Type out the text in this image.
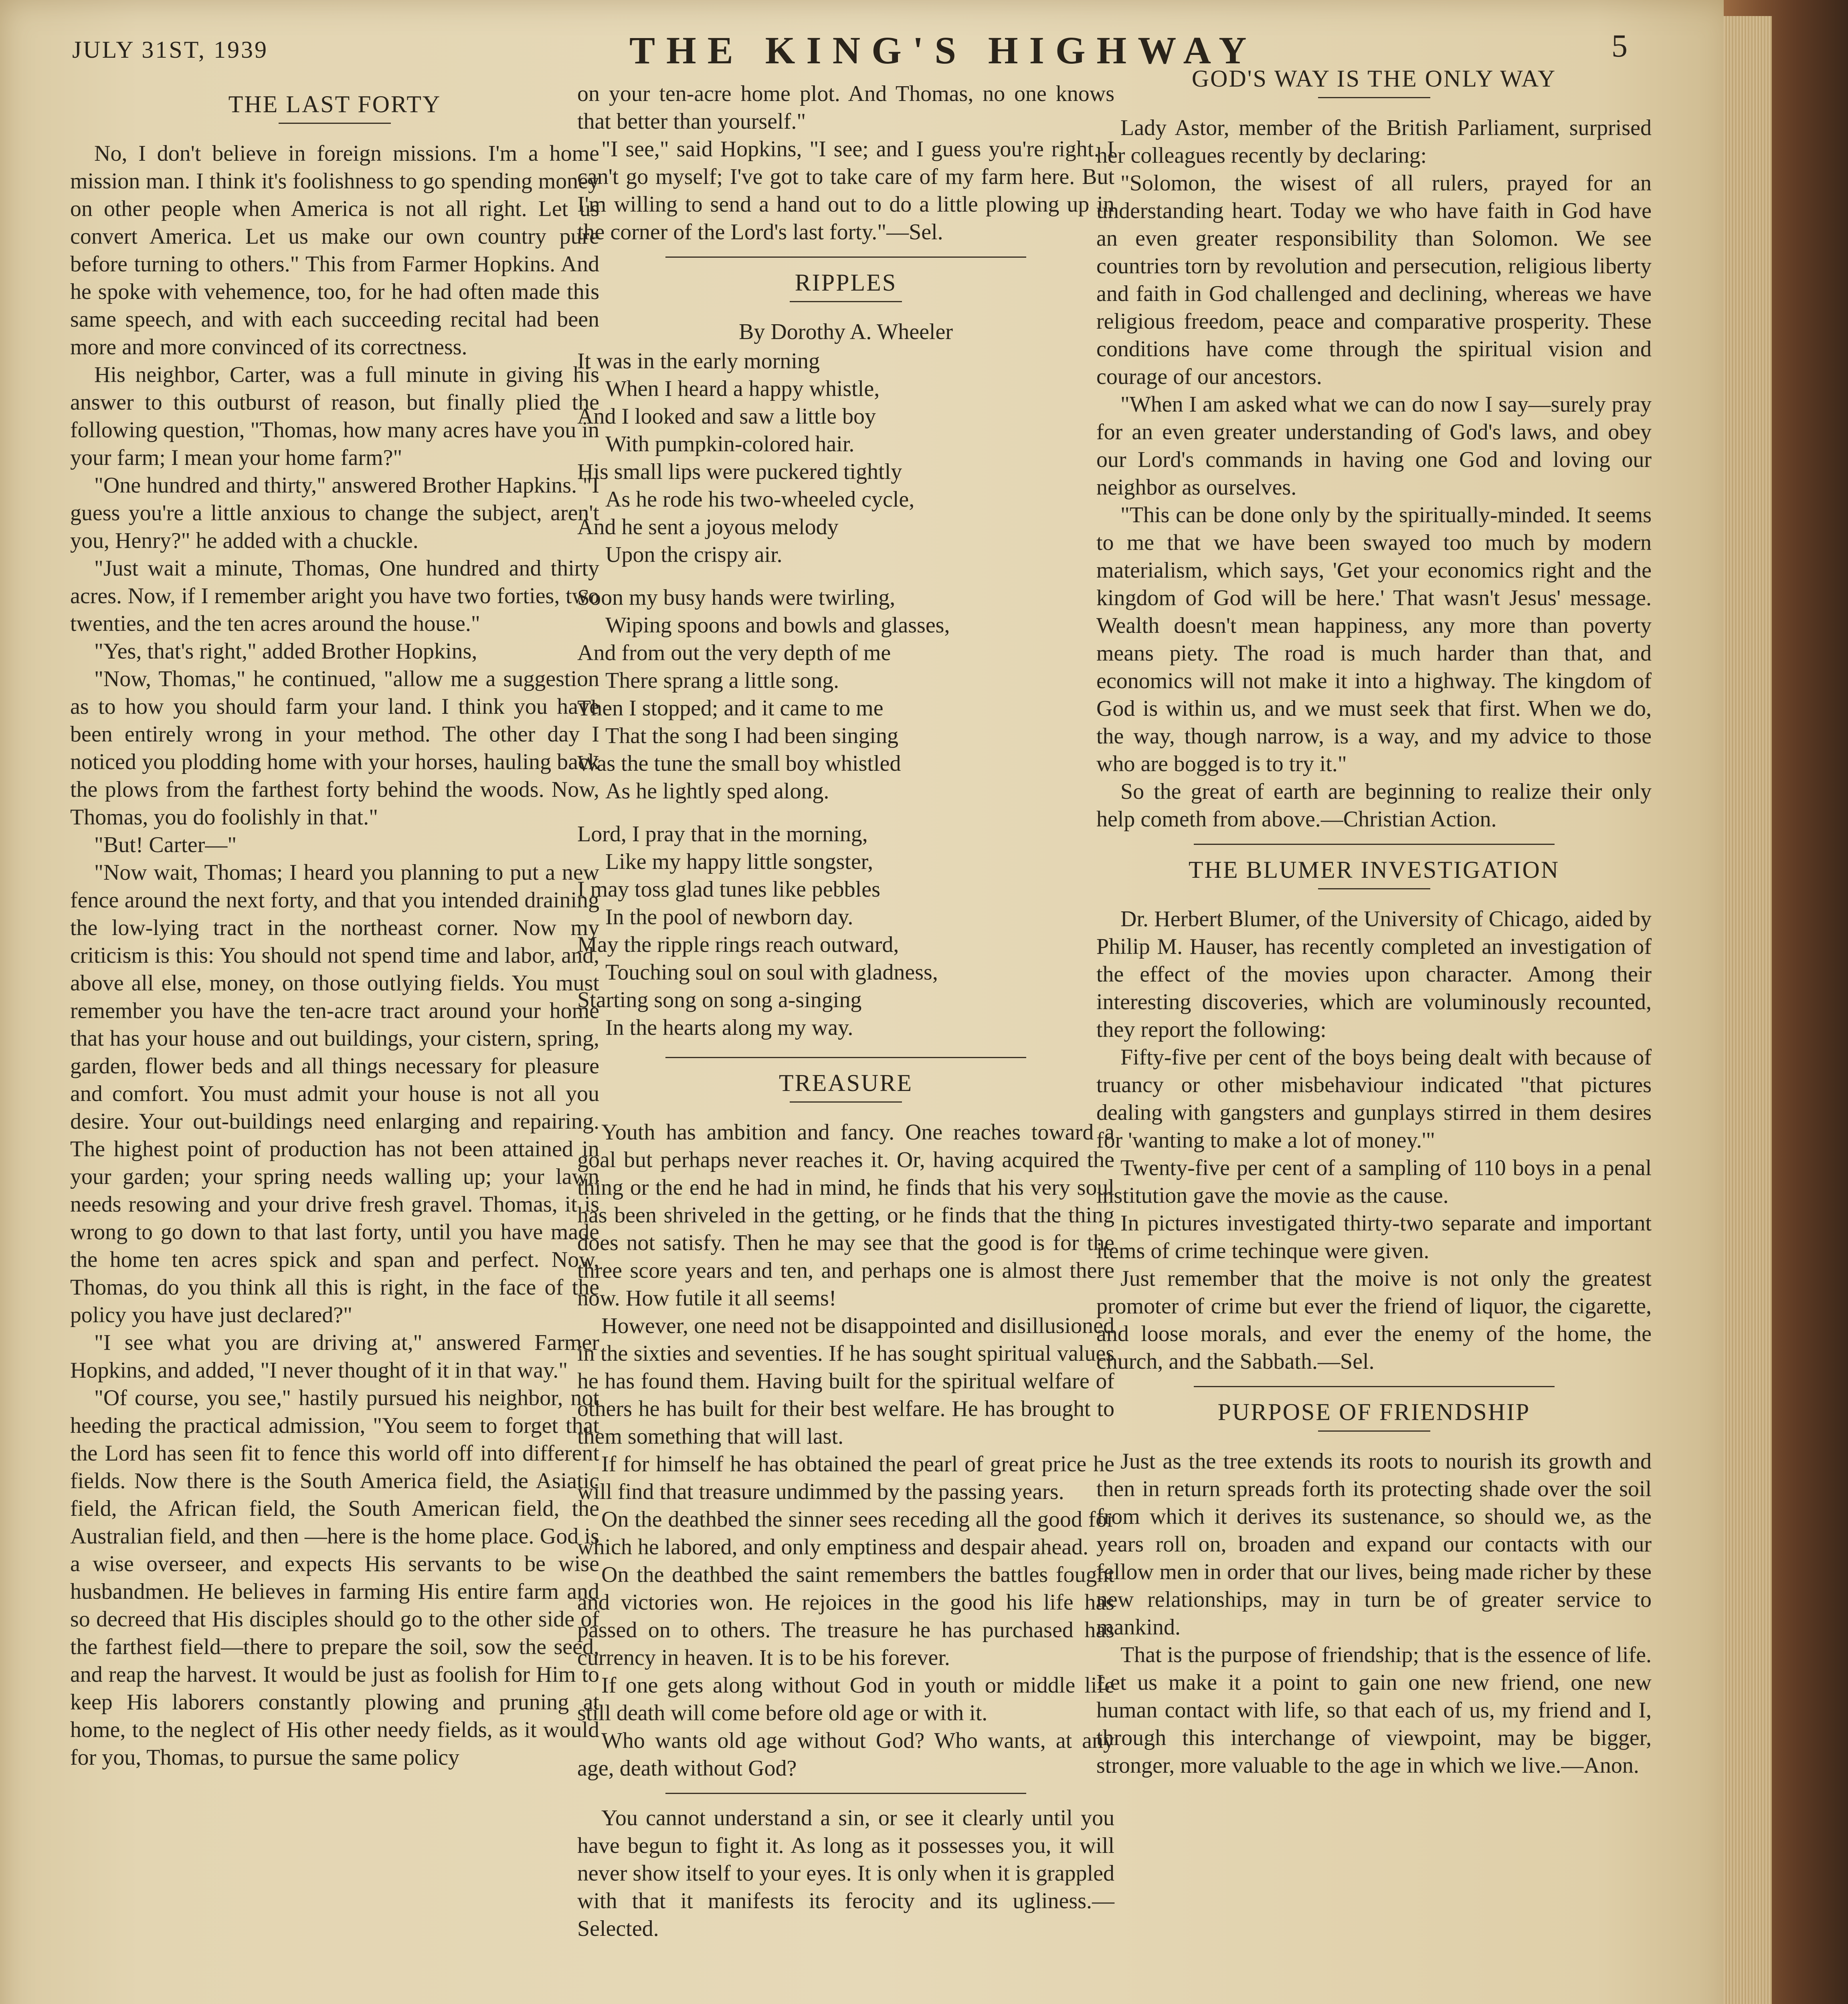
JULY 31ST, 1939	THE KING'S HIGHWAY	5
THE LAST FORTY

No, I don't believe in foreign missions. I'm a home mission man. I think it's foolishness to go spending money on other people when America is not all right. Let us convert America. Let us make our own country pure before turning to others." This from Farmer Hopkins. And he spoke with vehemence, too, for he had often made this same speech, and with each succeeding recital had been more and more convinced of its correctness.

His neighbor, Carter, was a full minute in giving his answer to this outburst of reason, but finally plied the following question, "Thomas, how many acres have you in your farm; I mean your home farm?"

"One hundred and thirty," answered Brother Hapkins. "I guess you're a little anxious to change the subject, aren't you, Henry?" he added with a chuckle.

"Just wait a minute, Thomas, One hundred and thirty acres. Now, if I remember aright you have two forties, two twenties, and the ten acres around the house."

"Yes, that's right," added Brother Hopkins,

"Now, Thomas," he continued, "allow me a suggestion as to how you should farm your land. I think you have been entirely wrong in your method. The other day I noticed you plodding home with your horses, hauling back the plows from the farthest forty behind the woods. Now, Thomas, you do foolishly in that."

"But! Carter—"

"Now wait, Thomas; I heard you planning to put a new fence around the next forty, and that you intended draining the low-lying tract in the northeast corner. Now my criticism is this: You should not spend time and labor, and, above all else, money, on those outlying fields. You must remember you have the ten-acre tract around your home that has your house and out buildings, your cistern, spring, garden, flower beds and all things necessary for pleasure and comfort. You must admit your house is not all you desire. Your out-buildings need enlarging and repairing. The highest point of production has not been attained in your garden; your spring needs walling up; your lawn needs resowing and your drive fresh gravel. Thomas, it is wrong to go down to that last forty, until you have made the home ten acres spick and span and perfect. Now, Thomas, do you think all this is right, in the face of the policy you have just declared?"

"I see what you are driving at," answered Farmer Hopkins, and added, "I never thought of it in that way."

"Of course, you see," hastily pursued his neighbor, not heeding the practical admission, "You seem to forget that the Lord has seen fit to fence this world off into different fields. Now there is the South America field, the Asiatic field, the African field, the South American field, the Australian field, and then —here is the home place. God is a wise overseer, and expects His servants to be wise husbandmen. He believes in farming His entire farm and so decreed that His disciples should go to the other side of the farthest field—there to prepare the soil, sow the seed, and reap the harvest. It would be just as foolish for Him to keep His laborers constantly plowing and pruning at home, to the neglect of His other needy fields, as it would for you, Thomas, to pursue the same policy

on your ten-acre home plot. And Thomas, no one knows that better than yourself."

"I see," said Hopkins, "I see; and I guess you're right. I can't go myself; I've got to take care of my farm here. But I'm willing to send a hand out to do a little plowing up in the corner of the Lord's last forty."—Sel.

RIPPLES

By Dorothy A. Wheeler

It was in the early morning
When I heard a happy whistle,
And I looked and saw a little boy
With pumpkin-colored hair.
His small lips were puckered tightly
As he rode his two-wheeled cycle,
And he sent a joyous melody
Upon the crispy air.
Soon my busy hands were twirling,
Wiping spoons and bowls and glasses,
And from out the very depth of me
There sprang a little song.
Then I stopped; and it came to me
That the song I had been singing
Was the tune the small boy whistled
As he lightly sped along.
Lord, I pray that in the morning,
Like my happy little songster,
I may toss glad tunes like pebbles
In the pool of newborn day.
May the ripple rings reach outward,
Touching soul on soul with gladness,
Starting song on song a-singing
In the hearts along my way.
TREASURE

Youth has ambition and fancy. One reaches toward a goal but perhaps never reaches it. Or, having acquired the thing or the end he had in mind, he finds that his very soul has been shriveled in the getting, or he finds that the thing does not satisfy. Then he may see that the good is for the three score years and ten, and perhaps one is almost there now. How futile it all seems!

However, one need not be disappointed and disillusioned in the sixties and seventies. If he has sought spiritual values he has found them. Having built for the spiritual welfare of others he has built for their best welfare. He has brought to them something that will last.

If for himself he has obtained the pearl of great price he will find that treasure undimmed by the passing years.

On the deathbed the sinner sees receding all the good for which he labored, and only emptiness and despair ahead.

On the deathbed the saint remembers the battles fought and victories won. He rejoices in the good his life has passed on to others. The treasure he has purchased has currency in heaven. It is to be his forever.

If one gets along without God in youth or middle life still death will come before old age or with it.

Who wants old age without God? Who wants, at any age, death without God?

You cannot understand a sin, or see it clearly until you have begun to fight it. As long as it possesses you, it will never show itself to your eyes. It is only when it is grappled with that it manifests its ferocity and its ugliness.—Selected.

GOD'S WAY IS THE ONLY WAY

Lady Astor, member of the British Parliament, surprised her colleagues recently by declaring:

"Solomon, the wisest of all rulers, prayed for an understanding heart. Today we who have faith in God have an even greater responsibility than Solomon. We see countries torn by revolution and persecution, religious liberty and faith in God challenged and declining, whereas we have religious freedom, peace and comparative prosperity. These conditions have come through the spiritual vision and courage of our ancestors.

"When I am asked what we can do now I say—surely pray for an even greater understanding of God's laws, and obey our Lord's commands in having one God and loving our neighbor as ourselves.

"This can be done only by the spiritually-minded. It seems to me that we have been swayed too much by modern materialism, which says, 'Get your economics right and the kingdom of God will be here.' That wasn't Jesus' message. Wealth doesn't mean happiness, any more than poverty means piety. The road is much harder than that, and economics will not make it into a highway. The kingdom of God is within us, and we must seek that first. When we do, the way, though narrow, is a way, and my advice to those who are bogged is to try it."

So the great of earth are beginning to realize their only help cometh from above.—Christian Action.

THE BLUMER INVESTIGATION

Dr. Herbert Blumer, of the University of Chicago, aided by Philip M. Hauser, has recently completed an investigation of the effect of the movies upon character. Among their interesting discoveries, which are voluminously recounted, they report the following:

Fifty-five per cent of the boys being dealt with because of truancy or other misbehaviour indicated "that pictures dealing with gangsters and gunplays stirred in them desires for 'wanting to make a lot of money.'"

Twenty-five per cent of a sampling of 110 boys in a penal institution gave the movie as the cause.

In pictures investigated thirty-two separate and important items of crime techinque were given.

Just remember that the moive is not only the greatest promoter of crime but ever the friend of liquor, the cigarette, and loose morals, and ever the enemy of the home, the church, and the Sabbath.—Sel.

PURPOSE OF FRIENDSHIP

Just as the tree extends its roots to nourish its growth and then in return spreads forth its protecting shade over the soil from which it derives its sustenance, so should we, as the years roll on, broaden and expand our contacts with our fellow men in order that our lives, being made richer by these new relationships, may in turn be of greater service to mankind.

That is the purpose of friendship; that is the essence of life. Let us make it a point to gain one new friend, one new human contact with life, so that each of us, my friend and I, through this interchange of viewpoint, may be bigger, stronger, more valuable to the age in which we live.—Anon.
